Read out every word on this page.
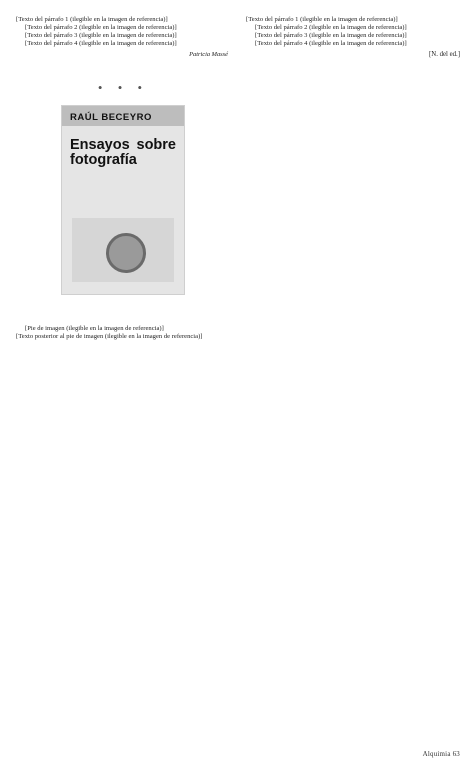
[Texto del párrafo 1 (ilegible en la imagen de referencia)]

[Texto del párrafo 2 (ilegible en la imagen de referencia)]

[Texto del párrafo 3 (ilegible en la imagen de referencia)]

[Texto del párrafo 4 (ilegible en la imagen de referencia)]

Patricia Massé
• • •
RAÚL BECEYRO
Ensayos sobre fotografía

[Pie de imagen (ilegible en la imagen de referencia)]

[Texto posterior al pie de imagen (ilegible en la imagen de referencia)]

[Texto del párrafo 1 (ilegible en la imagen de referencia)]

[Texto del párrafo 2 (ilegible en la imagen de referencia)]

[Texto del párrafo 3 (ilegible en la imagen de referencia)]

[Texto del párrafo 4 (ilegible en la imagen de referencia)]

[N. del ed.]
Alquimia 63
